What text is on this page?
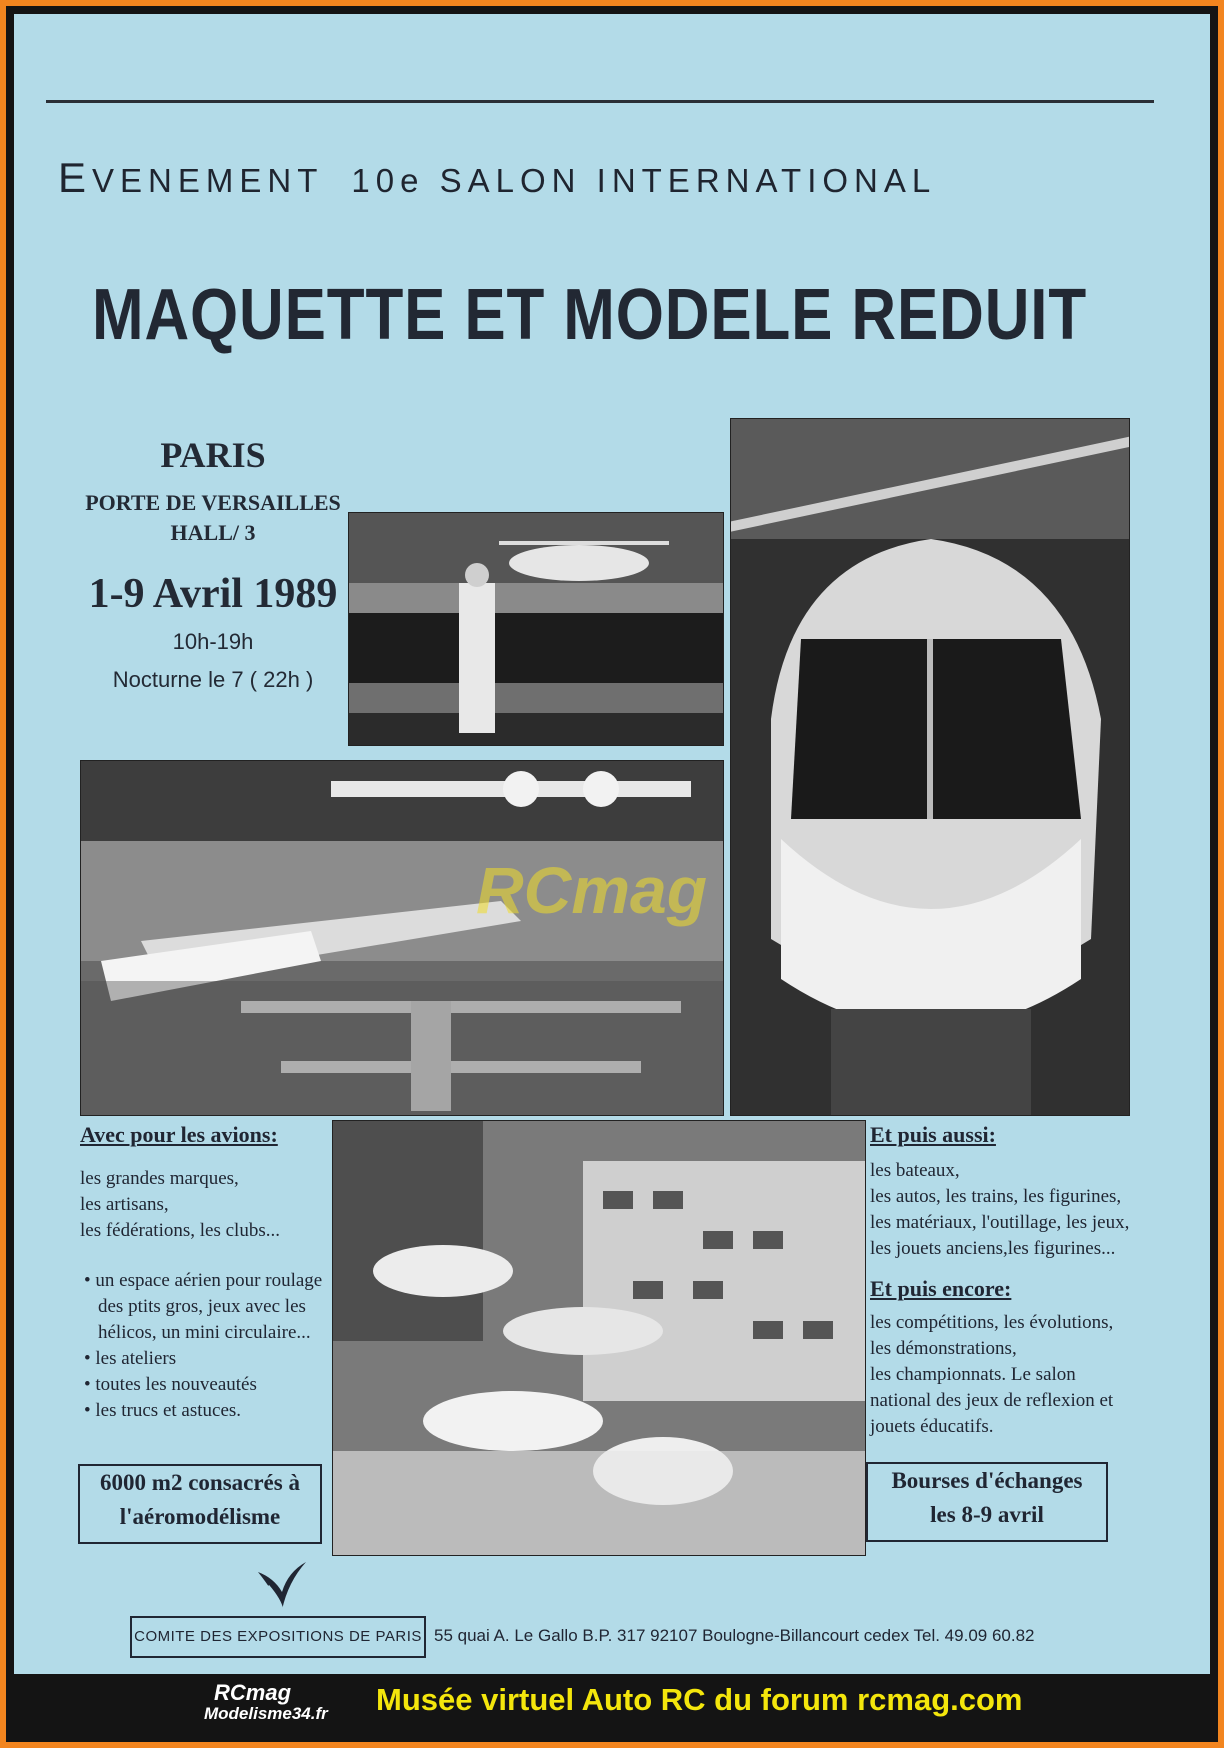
EVENEMENT 10e SALON INTERNATIONAL
MAQUETTE ET MODELE REDUIT
PARIS
PORTE DE VERSAILLES
HALL/ 3
1-9 Avril 1989
10h-19h
Nocturne le 7 ( 22h )
RCmag
Avec pour les avions:
les grandes marques,
les artisans,
les fédérations, les clubs...
• un espace aérien pour roulage des ptits gros, jeux avec les hélicos, un mini circulaire...
• les ateliers
• toutes les nouveautés
• les trucs et astuces.
6000 m2 consacrés à
l'aéromodélisme
Et puis aussi:
les bateaux,
les autos, les trains, les figurines,
les matériaux, l'outillage, les jeux,
les jouets anciens,les figurines...
Et puis encore:
les compétitions, les évolutions,
les démonstrations,
les championnats. Le salon
national des jeux de reflexion et
jouets éducatifs.
Bourses d'échanges
les 8-9 avril
COMITE DES EXPOSITIONS DE PARIS 55 quai A. Le Gallo B.P. 317 92107 Boulogne-Billancourt cedex Tel. 49.09 60.82
RCmag
Modelisme34.fr Musée virtuel Auto RC du forum rcmag.com
